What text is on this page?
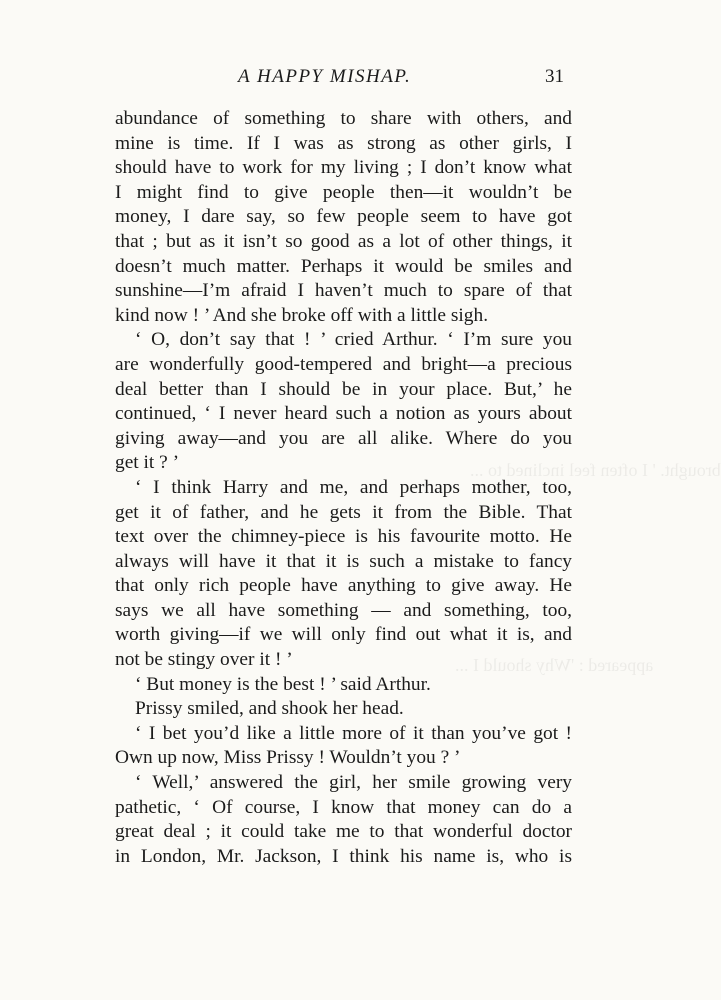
brought. ' I often feel inclined to ...
appeared : 'Why should I ...
A HAPPY MISHAP.	31
abundance of something to share with others, and
mine is time. If I was as strong as other girls, I
should have to work for my living ; I don’t know what
I might find to give people then—it wouldn’t be
money, I dare say, so few people seem to have got
that ; but as it isn’t so good as a lot of other things, it
doesn’t much matter. Perhaps it would be smiles and
sunshine—I’m afraid I haven’t much to spare of that
kind now ! ’ And she broke off with a little sigh.
‘ O, don’t say that ! ’ cried Arthur. ‘ I’m sure you
are wonderfully good-tempered and bright—a precious
deal better than I should be in your place. But,’ he
continued, ‘ I never heard such a notion as yours about
giving away—and you are all alike. Where do you
get it ? ’
‘ I think Harry and me, and perhaps mother, too,
get it of father, and he gets it from the Bible. That
text over the chimney-piece is his favourite motto. He
always will have it that it is such a mistake to fancy
that only rich people have anything to give away. He
says we all have something — and something, too,
worth giving—if we will only find out what it is, and
not be stingy over it ! ’
‘ But money is the best ! ’ said Arthur.
Prissy smiled, and shook her head.
‘ I bet you’d like a little more of it than you’ve got !
Own up now, Miss Prissy ! Wouldn’t you ? ’
‘ Well,’ answered the girl, her smile growing very
pathetic, ‘ Of course, I know that money can do a
great deal ; it could take me to that wonderful doctor
in London, Mr. Jackson, I think his name is, who is
